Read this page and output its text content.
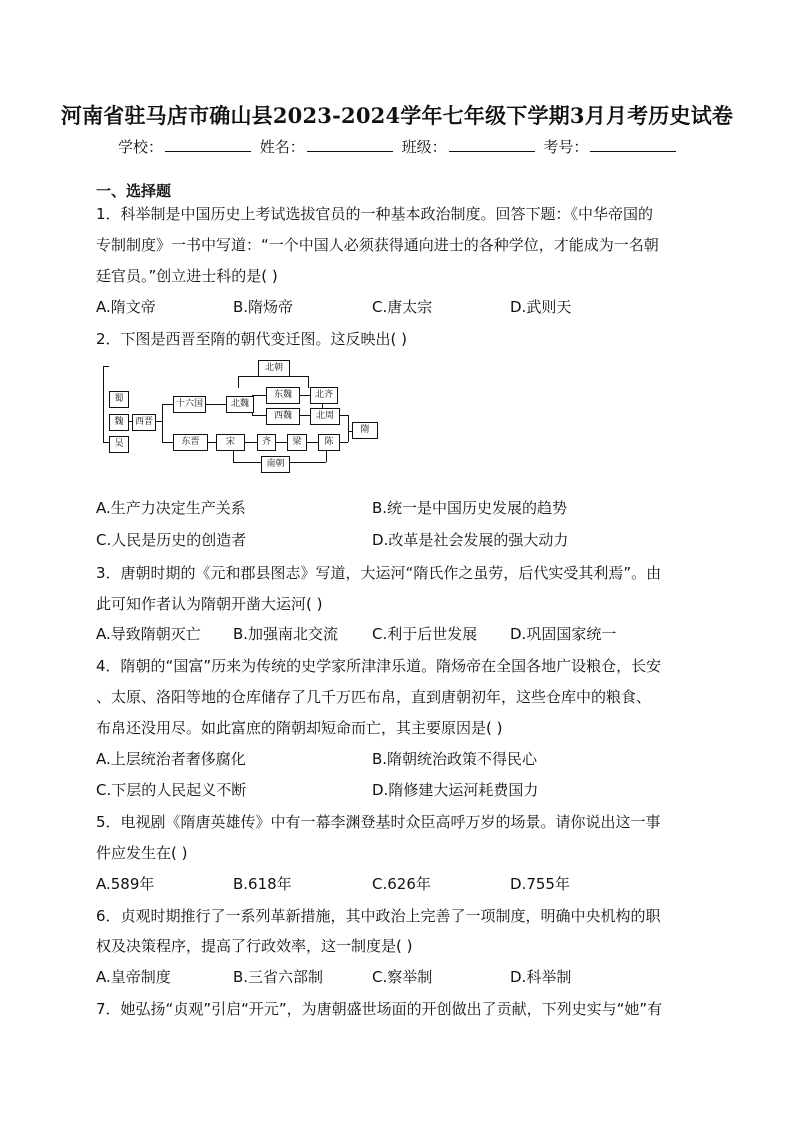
河南省驻马店市确山县2023-2024学年七年级下学期3月月考历史试卷
学校：	姓名：	班级：	考号：
一、选择题
1．科举制是中国历史上考试选拔官员的一种基本政治制度。回答下题：《中华帝国的
专制制度》一书中写道：“一个中国人必须获得通向进士的各种学位，才能成为一名朝
廷官员。”创立进士科的是( )
A.隋文帝	B.隋炀帝	C.唐太宗	D.武则天
2．下图是西晋至隋的朝代变迁图。这反映出( )
蜀
魏
吴
西晋
十六国	北魏
北朝
东魏	北齐
西魏	北周
隋
东晋	宋	齐	梁	陈
南朝
A.生产力决定生产关系	B.统一是中国历史发展的趋势
C.人民是历史的创造者	D.改革是社会发展的强大动力
3．唐朝时期的《元和郡县图志》写道，大运河“隋氏作之虽劳，后代实受其利焉”。由
此可知作者认为隋朝开凿大运河( )
A.导致隋朝灭亡 B.加强南北交流 C.利于后世发展 D.巩固国家统一
4．隋朝的“国富”历来为传统的史学家所津津乐道。隋炀帝在全国各地广设粮仓，长安
、太原、洛阳等地的仓库储存了几千万匹布帛，直到唐朝初年，这些仓库中的粮食、
布帛还没用尽。如此富庶的隋朝却短命而亡，其主要原因是( )
A.上层统治者奢侈腐化	B.隋朝统治政策不得民心
C.下层的人民起义不断	D.隋修建大运河耗费国力
5．电视剧《隋唐英雄传》中有一幕李渊登基时众臣高呼万岁的场景。请你说出这一事
件应发生在( )
A.589年	B.618年	C.626年	D.755年
6．贞观时期推行了一系列革新措施，其中政治上完善了一项制度，明确中央机构的职
权及决策程序，提高了行政效率，这一制度是( )
A.皇帝制度	B.三省六部制	C.察举制	D.科举制
7．她弘扬“贞观”引启“开元”，为唐朝盛世场面的开创做出了贡献，下列史实与“她”有
